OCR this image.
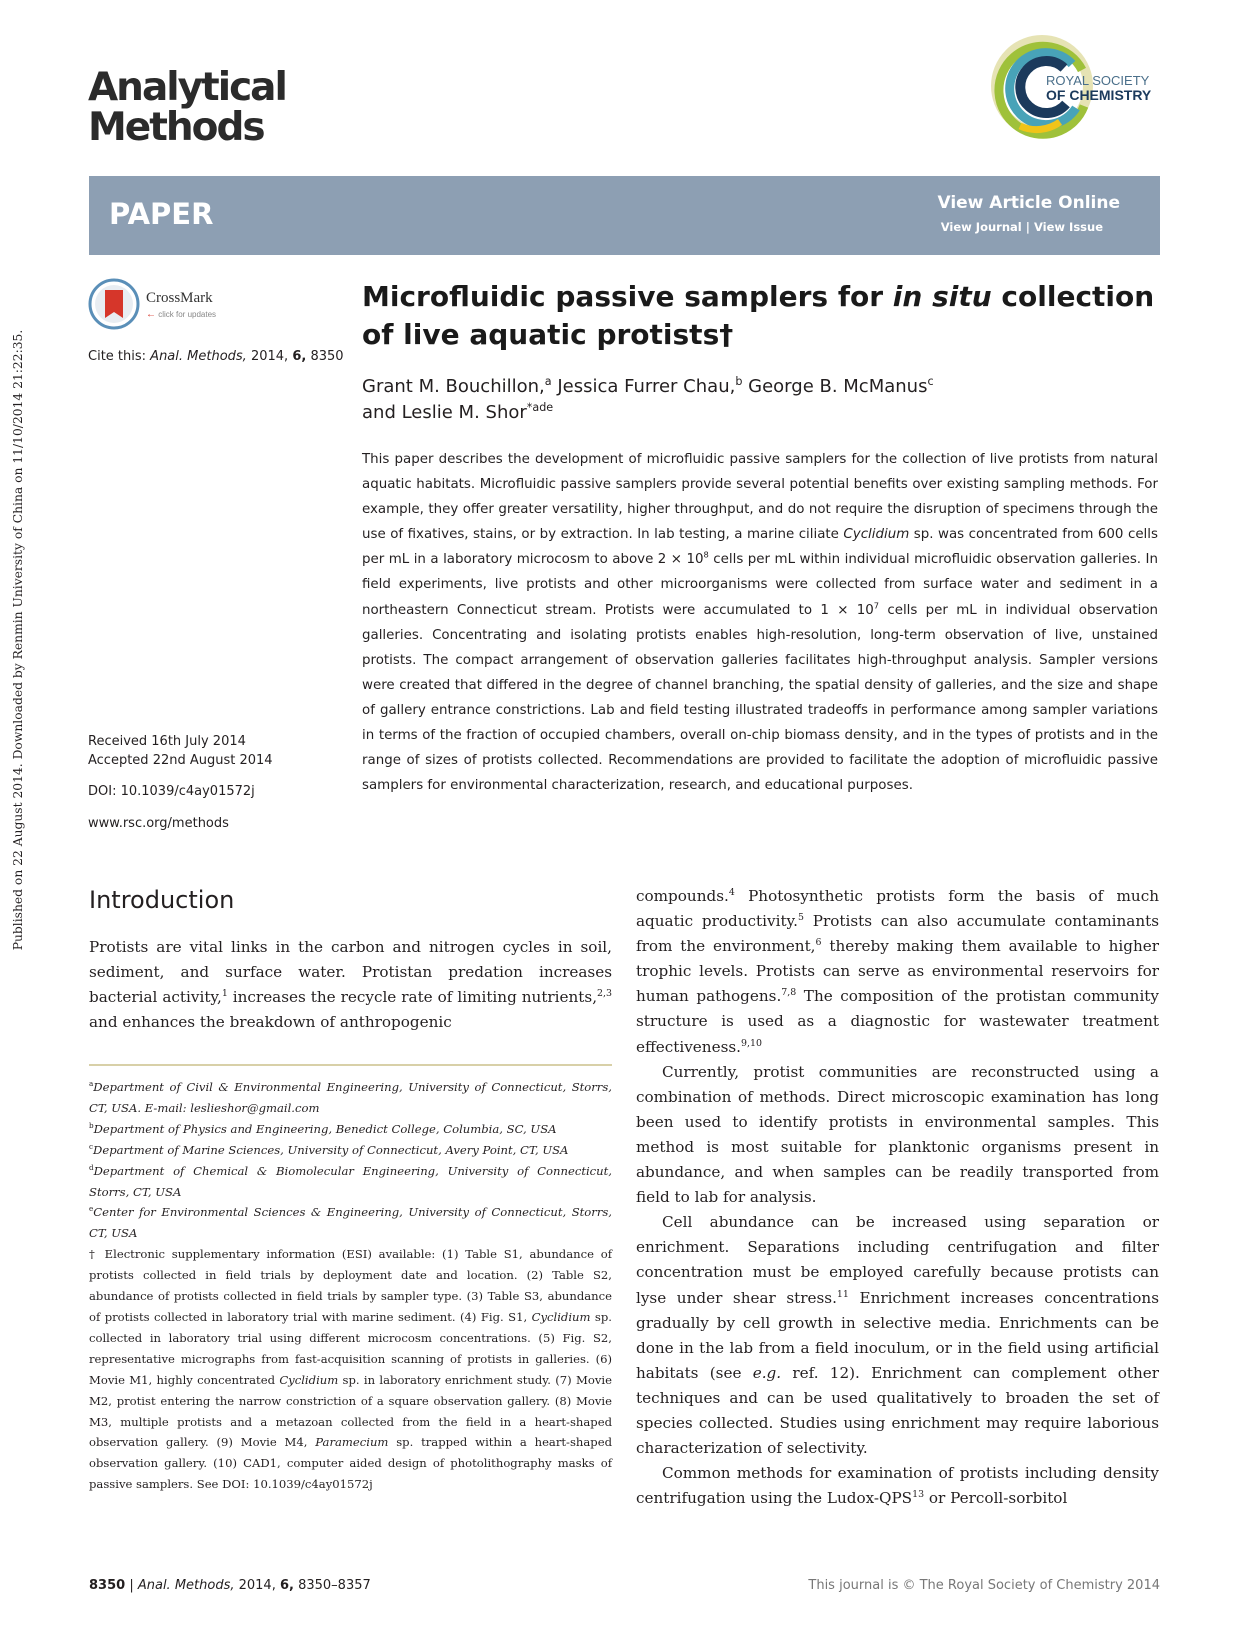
Analytical
Methods
ROYAL SOCIETY
OF CHEMISTRY
PAPER	View Article Online
View Journal | View Issue
CrossMark
← click for updates
Cite this: Anal. Methods, 2014, 6, 8350
Received 16th July 2014
Accepted 22nd August 2014
DOI: 10.1039/c4ay01572j
www.rsc.org/methods
Microfluidic passive samplers for in situ collection of live aquatic protists†
Grant M. Bouchillon,$^a$ Jessica Furrer Chau,$^b$ George B. McManus$^c$
and Leslie M. Shor$^{*ade}$
This paper describes the development of microfluidic passive samplers for the collection of live protists from natural aquatic habitats. Microfluidic passive samplers provide several potential benefits over existing sampling methods. For example, they offer greater versatility, higher throughput, and do not require the disruption of specimens through the use of fixatives, stains, or by extraction. In lab testing, a marine ciliate Cyclidium sp. was concentrated from 600 cells per mL in a laboratory microcosm to above $2 \times 10^8$ cells per mL within individual microfluidic observation galleries. In field experiments, live protists and other microorganisms were collected from surface water and sediment in a northeastern Connecticut stream. Protists were accumulated to $1 \times 10^7$ cells per mL in individual observation galleries. Concentrating and isolating protists enables high-resolution, long-term observation of live, unstained protists. The compact arrangement of observation galleries facilitates high-throughput analysis. Sampler versions were created that differed in the degree of channel branching, the spatial density of galleries, and the size and shape of gallery entrance constrictions. Lab and field testing illustrated tradeoffs in performance among sampler variations in terms of the fraction of occupied chambers, overall on-chip biomass density, and in the types of protists and in the range of sizes of protists collected. Recommendations are provided to facilitate the adoption of microfluidic passive samplers for environmental characterization, research, and educational purposes.
Introduction
Protists are vital links in the carbon and nitrogen cycles in soil, sediment, and surface water. Protistan predation increases bacterial activity,$^1$ increases the recycle rate of limiting nutrients,$^{2,3}$ and enhances the breakdown of anthropogenic
$^a$Department of Civil & Environmental Engineering, University of Connecticut, Storrs, CT, USA. E-mail: leslieshor@gmail.com
$^b$Department of Physics and Engineering, Benedict College, Columbia, SC, USA
$^c$Department of Marine Sciences, University of Connecticut, Avery Point, CT, USA
$^d$Department of Chemical & Biomolecular Engineering, University of Connecticut, Storrs, CT, USA
$^e$Center for Environmental Sciences & Engineering, University of Connecticut, Storrs, CT, USA
† Electronic supplementary information (ESI) available: (1) Table S1, abundance of protists collected in field trials by deployment date and location. (2) Table S2, abundance of protists collected in field trials by sampler type. (3) Table S3, abundance of protists collected in laboratory trial with marine sediment. (4) Fig. S1, Cyclidium sp. collected in laboratory trial using different microcosm concentrations. (5) Fig. S2, representative micrographs from fast-acquisition scanning of protists in galleries. (6) Movie M1, highly concentrated Cyclidium sp. in laboratory enrichment study. (7) Movie M2, protist entering the narrow constriction of a square observation gallery. (8) Movie M3, multiple protists and a metazoan collected from the field in a heart-shaped observation gallery. (9) Movie M4, Paramecium sp. trapped within a heart-shaped observation gallery. (10) CAD1, computer aided design of photolithography masks of passive samplers. See DOI: 10.1039/c4ay01572j

compounds.$^4$ Photosynthetic protists form the basis of much aquatic productivity.$^5$ Protists can also accumulate contaminants from the environment,$^6$ thereby making them available to higher trophic levels. Protists can serve as environmental reservoirs for human pathogens.$^{7,8}$ The composition of the protistan community structure is used as a diagnostic for wastewater treatment effectiveness.$^{9,10}$

Currently, protist communities are reconstructed using a combination of methods. Direct microscopic examination has long been used to identify protists in environmental samples. This method is most suitable for planktonic organisms present in abundance, and when samples can be readily transported from field to lab for analysis.

Cell abundance can be increased using separation or enrichment. Separations including centrifugation and filter concentration must be employed carefully because protists can lyse under shear stress.$^{11}$ Enrichment increases concentrations gradually by cell growth in selective media. Enrichments can be done in the lab from a field inoculum, or in the field using artificial habitats (see e.g. ref. 12). Enrichment can complement other techniques and can be used qualitatively to broaden the set of species collected. Studies using enrichment may require laborious characterization of selectivity.

Common methods for examination of protists including density centrifugation using the Ludox-QPS$^{13}$ or Percoll-sorbitol

8350 | Anal. Methods, 2014, 6, 8350–8357	This journal is © The Royal Society of Chemistry 2014
Published on 22 August 2014. Downloaded by Renmin University of China on 11/10/2014 21:22:35.
